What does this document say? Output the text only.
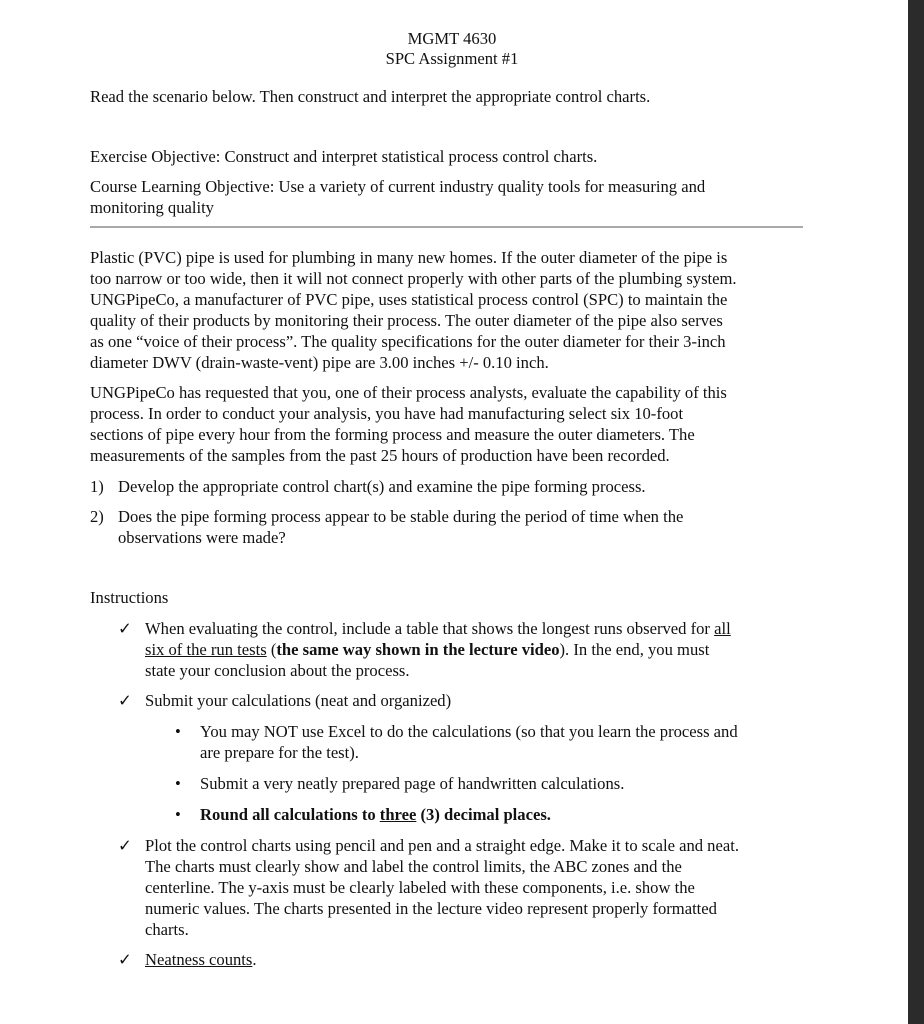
MGMT 4630
SPC Assignment #1
Read the scenario below. Then construct and interpret the appropriate control charts.
Exercise Objective: Construct and interpret statistical process control charts.
Course Learning Objective: Use a variety of current industry quality tools for measuring and
monitoring quality
Plastic (PVC) pipe is used for plumbing in many new homes. If the outer diameter of the pipe is
too narrow or too wide, then it will not connect properly with other parts of the plumbing system.
UNGPipeCo, a manufacturer of PVC pipe, uses statistical process control (SPC) to maintain the
quality of their products by monitoring their process. The outer diameter of the pipe also serves
as one “voice of their process”. The quality specifications for the outer diameter for their 3-inch
diameter DWV (drain-waste-vent) pipe are 3.00 inches +/- 0.10 inch.
UNGPipeCo has requested that you, one of their process analysts, evaluate the capability of this
process. In order to conduct your analysis, you have had manufacturing select six 10-foot
sections of pipe every hour from the forming process and measure the outer diameters. The
measurements of the samples from the past 25 hours of production have been recorded.
1) Develop the appropriate control chart(s) and examine the pipe forming process.
2) Does the pipe forming process appear to be stable during the period of time when the
observations were made?
Instructions
✓ When evaluating the control, include a table that shows the longest runs observed for all
six of the run tests (the same way shown in the lecture video). In the end, you must
state your conclusion about the process.
✓ Submit your calculations (neat and organized)
• You may NOT use Excel to do the calculations (so that you learn the process and
are prepare for the test).
• Submit a very neatly prepared page of handwritten calculations.
• Round all calculations to three (3) decimal places.
✓ Plot the control charts using pencil and pen and a straight edge. Make it to scale and neat.
The charts must clearly show and label the control limits, the ABC zones and the
centerline. The y-axis must be clearly labeled with these components, i.e. show the
numeric values. The charts presented in the lecture video represent properly formatted
charts.
✓ Neatness counts.
